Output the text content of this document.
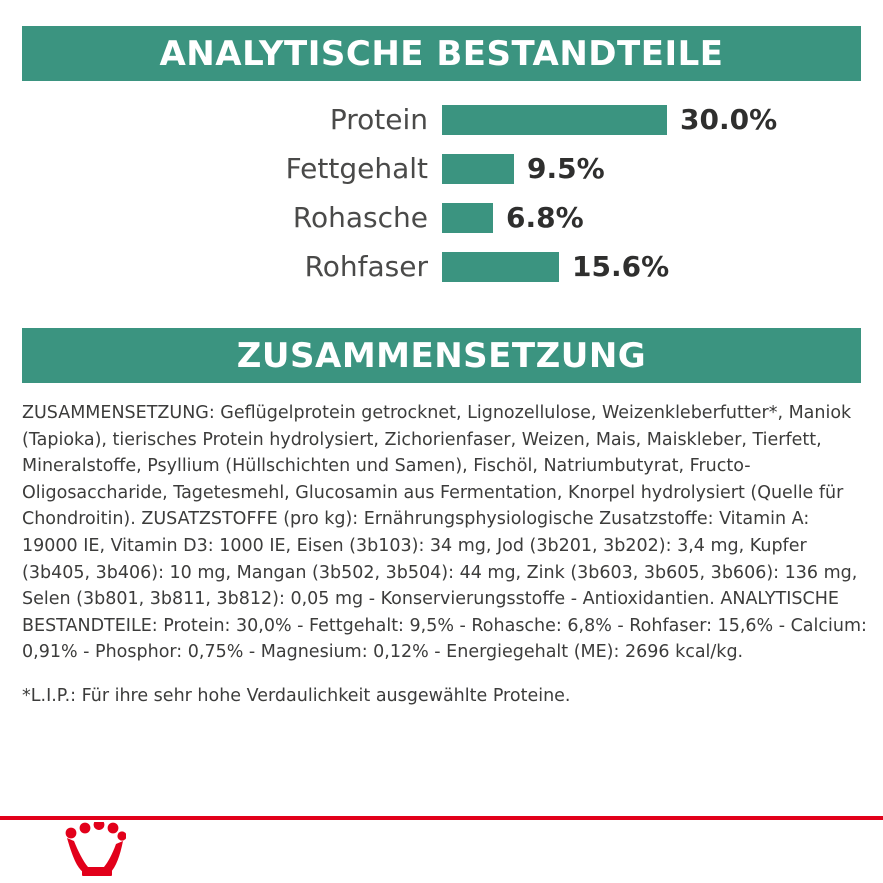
ANALYTISCHE BESTANDTEILE
Protein	30.0%
Fettgehalt	9.5%
Rohasche	6.8%
Rohfaser	15.6%
ZUSAMMENSETZUNG

ZUSAMMENSETZUNG: Geflügelprotein getrocknet, Lignozellulose, Weizenkleberfutter*, Maniok (Tapioka), tierisches Protein hydrolysiert, Zichorienfaser, Weizen, Mais, Maiskleber, Tierfett, Mineralstoffe, Psyllium (Hüllschichten und Samen), Fischöl, Natriumbutyrat, Fructo-Oligosaccharide, Tagetesmehl, Glucosamin aus Fermentation, Knorpel hydrolysiert (Quelle für Chondroitin). ZUSATZSTOFFE (pro kg): Ernährungsphysiologische Zusatzstoffe: Vitamin A: 19000 IE, Vitamin D3: 1000 IE, Eisen (3b103): 34 mg, Jod (3b201, 3b202): 3,4 mg, Kupfer (3b405, 3b406): 10 mg, Mangan (3b502, 3b504): 44 mg, Zink (3b603, 3b605, 3b606): 136 mg, Selen (3b801, 3b811, 3b812): 0,05 mg - Konservierungsstoffe - Antioxidantien. ANALYTISCHE BESTANDTEILE: Protein: 30,0% - Fettgehalt: 9,5% - Rohasche: 6,8% - Rohfaser: 15,6% - Calcium: 0,91% - Phosphor: 0,75% - Magnesium: 0,12% - Energiegehalt (ME): 2696 kcal/kg.

*L.I.P.: Für ihre sehr hohe Verdaulichkeit ausgewählte Proteine.
